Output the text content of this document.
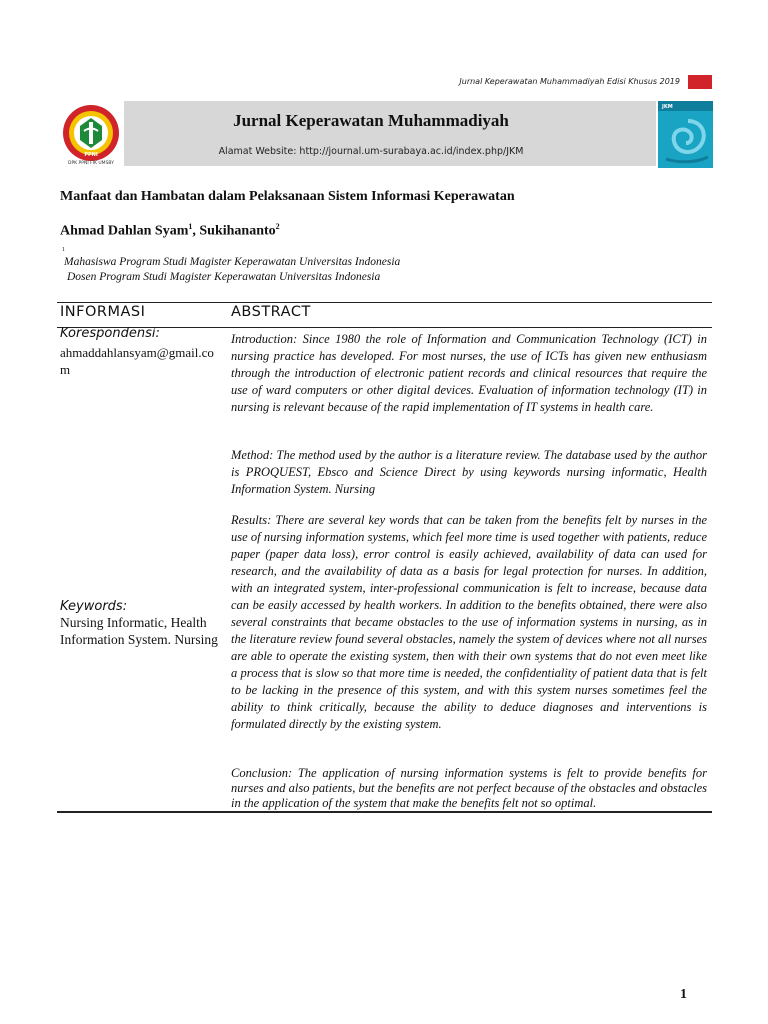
Jurnal Keperawatan Muhammadiyah Edisi Khusus 2019
PPNI
DPK PPNI FIK UMSBY
Jurnal Keperawatan Muhammadiyah
Alamat Website: http://journal.um-surabaya.ac.id/index.php/JKM
JKM
Manfaat dan Hambatan dalam Pelaksanaan Sistem Informasi Keperawatan
Ahmad Dahlan Syam$^1$, Sukihananto$^2$
1
Mahasiswa Program Studi Magister Keperawatan Universitas Indonesia
Dosen Program Studi Magister Keperawatan Universitas Indonesia
INFORMASI	ABSTRACT
Korespondensi:
ahmaddahlansyam@gmail.com
Keywords:
Nursing Informatic, Health Information System. Nursing
Introduction: Since 1980 the role of Information and Communication Technology (ICT) in nursing practice has developed. For most nurses, the use of ICTs has given new enthusiasm through the introduction of electronic patient records and clinical resources that require the use of ward computers or other digital devices. Evaluation of information technology (IT) in nursing is relevant because of the rapid implementation of IT systems in health care.
Method: The method used by the author is a literature review. The database used by the author is PROQUEST, Ebsco and Science Direct by using keywords nursing informatic, Health Information System. Nursing
Results: There are several key words that can be taken from the benefits felt by nurses in the use of nursing information systems, which feel more time is used together with patients, reduce paper (paper data loss), error control is easily achieved, availability of data can used for research, and the availability of data as a basis for legal protection for nurses. In addition, with an integrated system, inter-professional communication is felt to increase, because data can be easily accessed by health workers. In addition to the benefits obtained, there were also several constraints that became obstacles to the use of information systems in nursing, as in the literature review found several obstacles, namely the system of devices where not all nurses are able to operate the existing system, then with their own systems that do not even meet like a process that is slow so that more time is needed, the confidentiality of patient data that is felt to be lacking in the presence of this system, and with this system nurses sometimes feel the ability to think critically, because the ability to deduce diagnoses and interventions is formulated directly by the existing system.
Conclusion: The application of nursing information systems is felt to provide benefits for nurses and also patients, but the benefits are not perfect because of the obstacles and obstacles in the application of the system that make the benefits felt not so optimal.
1
